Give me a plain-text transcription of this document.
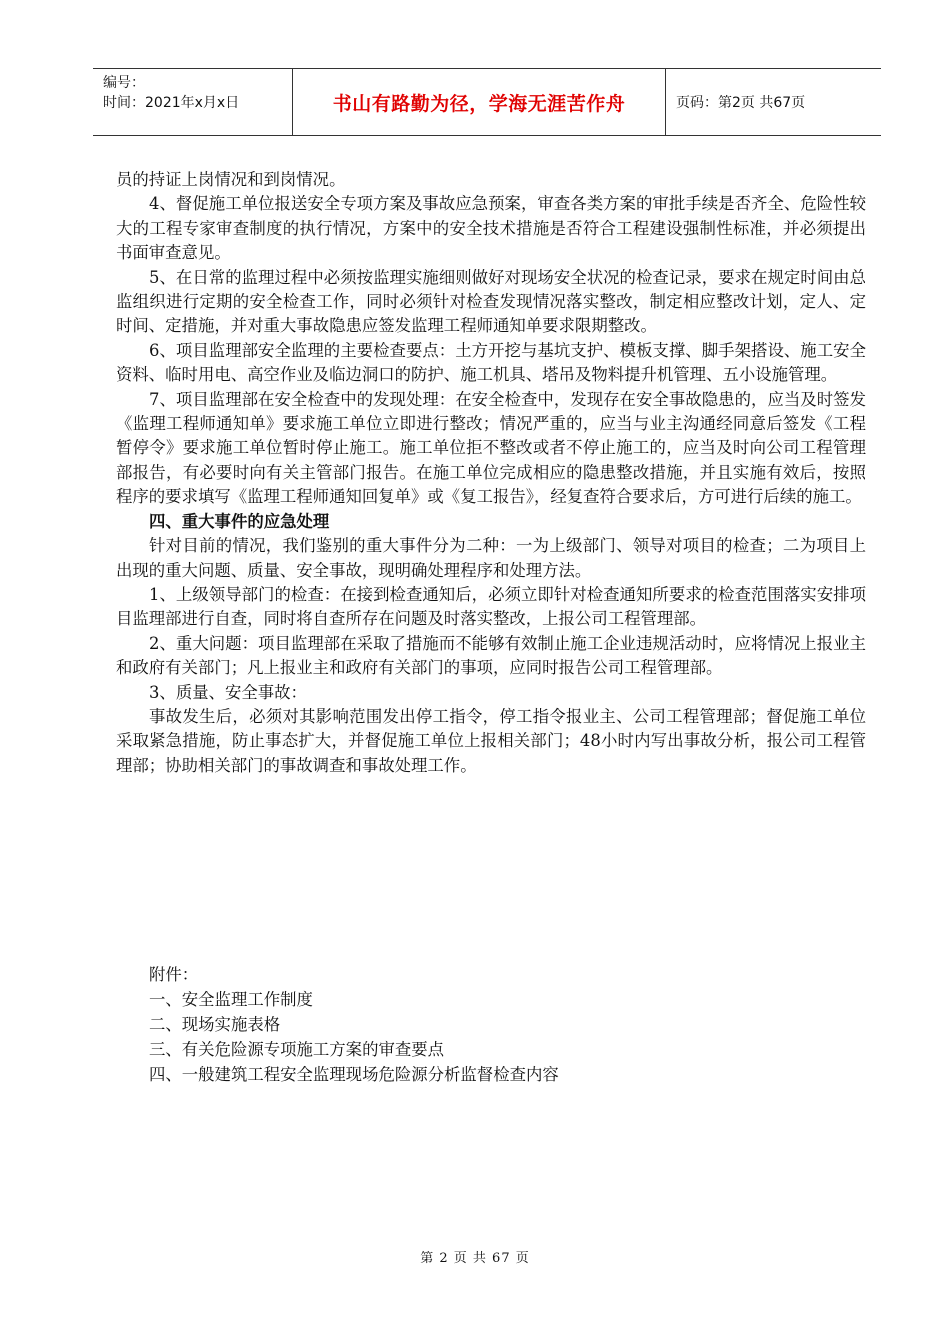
编号：
时间：2021年x月x日	书山有路勤为径，学海无涯苦作舟	页码：第2页 共67页

员的持证上岗情况和到岗情况。

4、督促施工单位报送安全专项方案及事故应急预案，审查各类方案的审批手续是否齐全、危险性较大的工程专家审查制度的执行情况，方案中的安全技术措施是否符合工程建设强制性标准，并必须提出书面审查意见。

5、在日常的监理过程中必须按监理实施细则做好对现场安全状况的检查记录，要求在规定时间由总监组织进行定期的安全检查工作，同时必须针对检查发现情况落实整改，制定相应整改计划，定人、定时间、定措施，并对重大事故隐患应签发监理工程师通知单要求限期整改。

6、项目监理部安全监理的主要检查要点：土方开挖与基坑支护、模板支撑、脚手架搭设、施工安全资料、临时用电、高空作业及临边洞口的防护、施工机具、塔吊及物料提升机管理、五小设施管理。

7、项目监理部在安全检查中的发现处理：在安全检查中，发现存在安全事故隐患的，应当及时签发《监理工程师通知单》要求施工单位立即进行整改；情况严重的，应当与业主沟通经同意后签发《工程暂停令》要求施工单位暂时停止施工。施工单位拒不整改或者不停止施工的，应当及时向公司工程管理部报告，有必要时向有关主管部门报告。在施工单位完成相应的隐患整改措施，并且实施有效后，按照程序的要求填写《监理工程师通知回复单》或《复工报告》，经复查符合要求后，方可进行后续的施工。

四、重大事件的应急处理

针对目前的情况，我们鉴别的重大事件分为二种：一为上级部门、领导对项目的检查；二为项目上出现的重大问题、质量、安全事故，现明确处理程序和处理方法。

1、上级领导部门的检查：在接到检查通知后，必须立即针对检查通知所要求的检查范围落实安排项目监理部进行自查，同时将自查所存在问题及时落实整改，上报公司工程管理部。

2、重大问题：项目监理部在采取了措施而不能够有效制止施工企业违规活动时，应将情况上报业主和政府有关部门；凡上报业主和政府有关部门的事项，应同时报告公司工程管理部。

3、质量、安全事故：

事故发生后，必须对其影响范围发出停工指令，停工指令报业主、公司工程管理部；督促施工单位采取紧急措施，防止事态扩大，并督促施工单位上报相关部门；48小时内写出事故分析，报公司工程管理部；协助相关部门的事故调查和事故处理工作。

附件：
一、安全监理工作制度
二、现场实施表格
三、有关危险源专项施工方案的审查要点
四、一般建筑工程安全监理现场危险源分析监督检查内容
第 2 页 共 67 页
